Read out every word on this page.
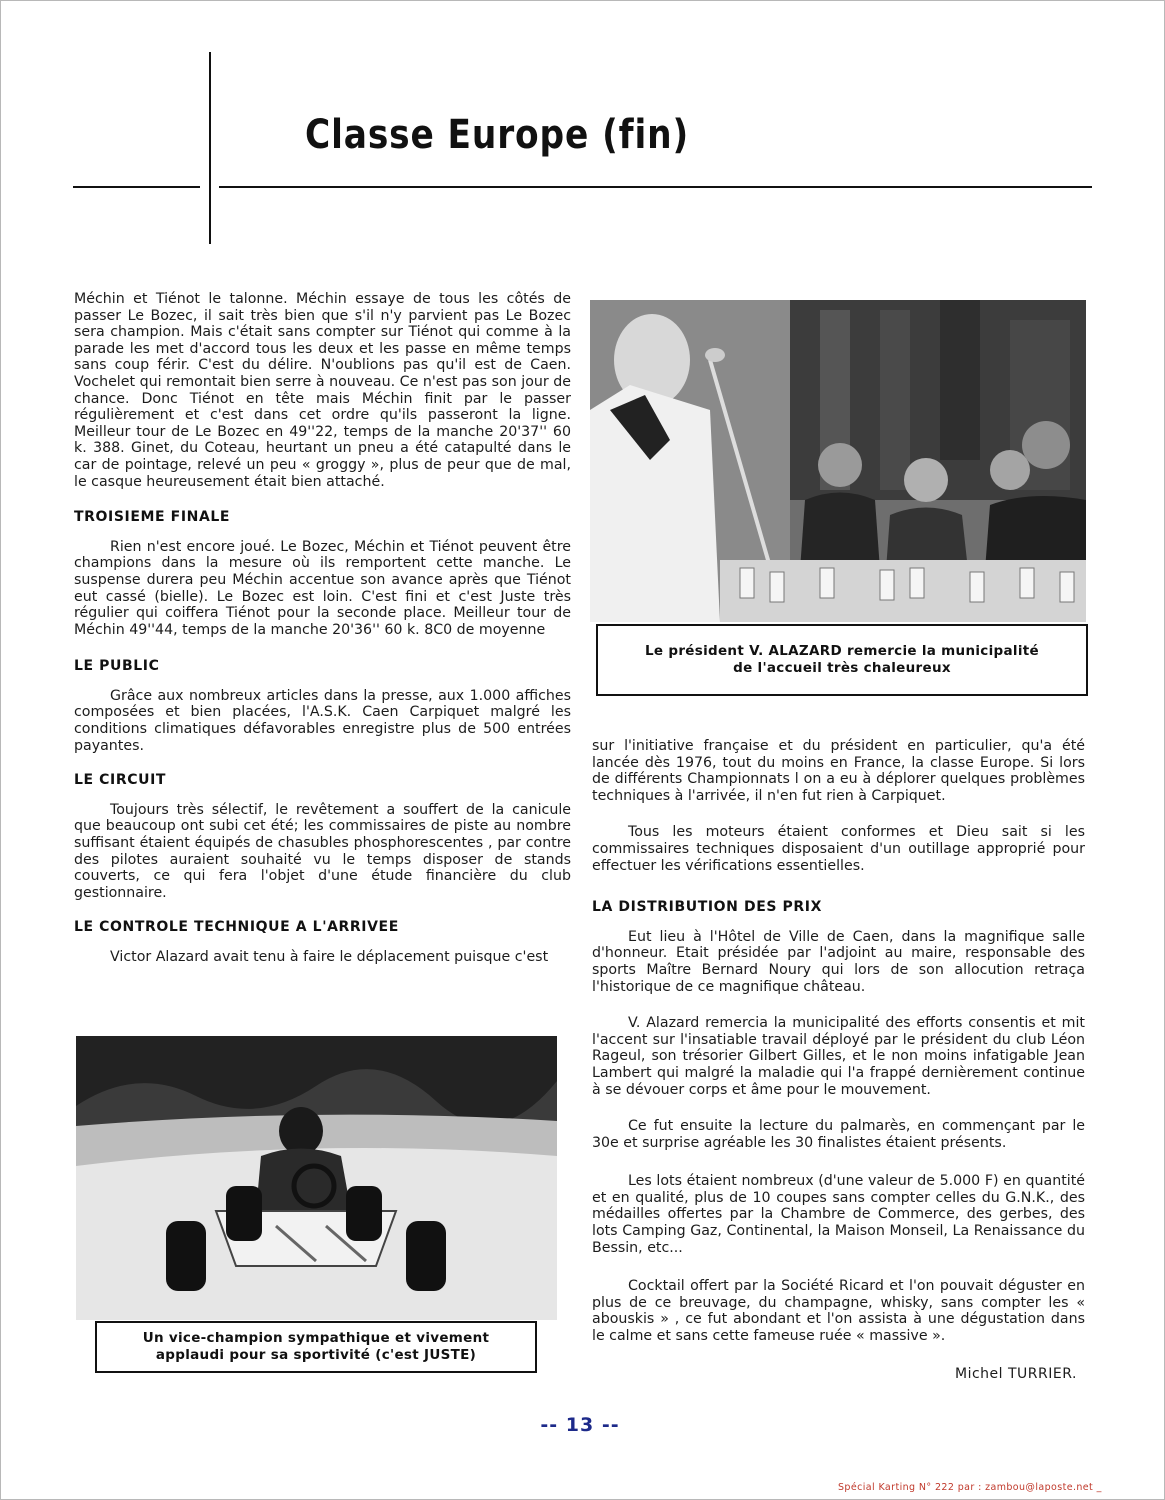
Classe Europe (fin)

Méchin et Tiénot le talonne. Méchin essaye de tous les côtés de passer Le Bozec, il sait très bien que s'il n'y parvient pas Le Bozec sera champion. Mais c'était sans compter sur Tiénot qui comme à la parade les met d'accord tous les deux et les passe en même temps sans coup férir. C'est du délire. N'oublions pas qu'il est de Caen. Vochelet qui remontait bien serre à nouveau. Ce n'est pas son jour de chance. Donc Tiénot en tête mais Méchin finit par le passer régulièrement et c'est dans cet ordre qu'ils passeront la ligne. Meilleur tour de Le Bozec en 49''22, temps de la manche 20'37'' 60 k. 388. Ginet, du Coteau, heurtant un pneu a été catapulté dans le car de pointage, relevé un peu « groggy », plus de peur que de mal, le casque heureusement était bien attaché.

TROISIEME FINALE

Rien n'est encore joué. Le Bozec, Méchin et Tiénot peuvent être champions dans la mesure où ils remportent cette manche. Le suspense durera peu Méchin accentue son avance après que Tiénot eut cassé (bielle). Le Bozec est loin. C'est fini et c'est Juste très régulier qui coiffera Tiénot pour la seconde place. Meilleur tour de Méchin 49''44, temps de la manche 20'36'' 60 k. 8C0 de moyenne

LE PUBLIC

Grâce aux nombreux articles dans la presse, aux 1.000 affiches composées et bien placées, l'A.S.K. Caen Carpiquet malgré les conditions climatiques défavorables enregistre plus de 500 entrées payantes.

LE CIRCUIT

Toujours très sélectif, le revêtement a souffert de la canicule que beaucoup ont subi cet été; les commissaires de piste au nombre suffisant étaient équipés de chasubles phosphorescentes , par contre des pilotes auraient souhaité vu le temps disposer de stands couverts, ce qui fera l'objet d'une étude financière du club gestionnaire.

LE CONTROLE TECHNIQUE A L'ARRIVEE

Victor Alazard avait tenu à faire le déplacement puisque c'est

Le président V. ALAZARD remercie la municipalité de l'accueil très chaleureux

sur l'initiative française et du président en particulier, qu'a été lancée dès 1976, tout du moins en France, la classe Europe. Si lors de différents Championnats l on a eu à déplorer quelques problèmes techniques à l'arrivée, il n'en fut rien à Carpiquet.

Tous les moteurs étaient conformes et Dieu sait si les commissaires techniques disposaient d'un outillage approprié pour effectuer les vérifications essentielles.

LA DISTRIBUTION DES PRIX

Eut lieu à l'Hôtel de Ville de Caen, dans la magnifique salle d'honneur. Etait présidée par l'adjoint au maire, responsable des sports Maître Bernard Noury qui lors de son allocution retraça l'historique de ce magnifique château.

V. Alazard remercia la municipalité des efforts consentis et mit l'accent sur l'insatiable travail déployé par le président du club Léon Rageul, son trésorier Gilbert Gilles, et le non moins infatigable Jean Lambert qui malgré la maladie qui l'a frappé dernièrement continue à se dévouer corps et âme pour le mouvement.

Ce fut ensuite la lecture du palmarès, en commençant par le 30e et surprise agréable les 30 finalistes étaient présents.

Les lots étaient nombreux (d'une valeur de 5.000 F) en quantité et en qualité, plus de 10 coupes sans compter celles du G.N.K., des médailles offertes par la Chambre de Commerce, des gerbes, des lots Camping Gaz, Continental, la Maison Monseil, La Renaissance du Bessin, etc...

Cocktail offert par la Société Ricard et l'on pouvait déguster en plus de ce breuvage, du champagne, whisky, sans compter les « abouskis » , ce fut abondant et l'on assista à une dégustation dans le calme et sans cette fameuse ruée « massive ».

Michel TURRIER.
Un vice-champion sympathique et vivement applaudi pour sa sportivité (c'est JUSTE)
-- 13 --
Spécial Karting N° 222 par : zambou@laposte.net _
